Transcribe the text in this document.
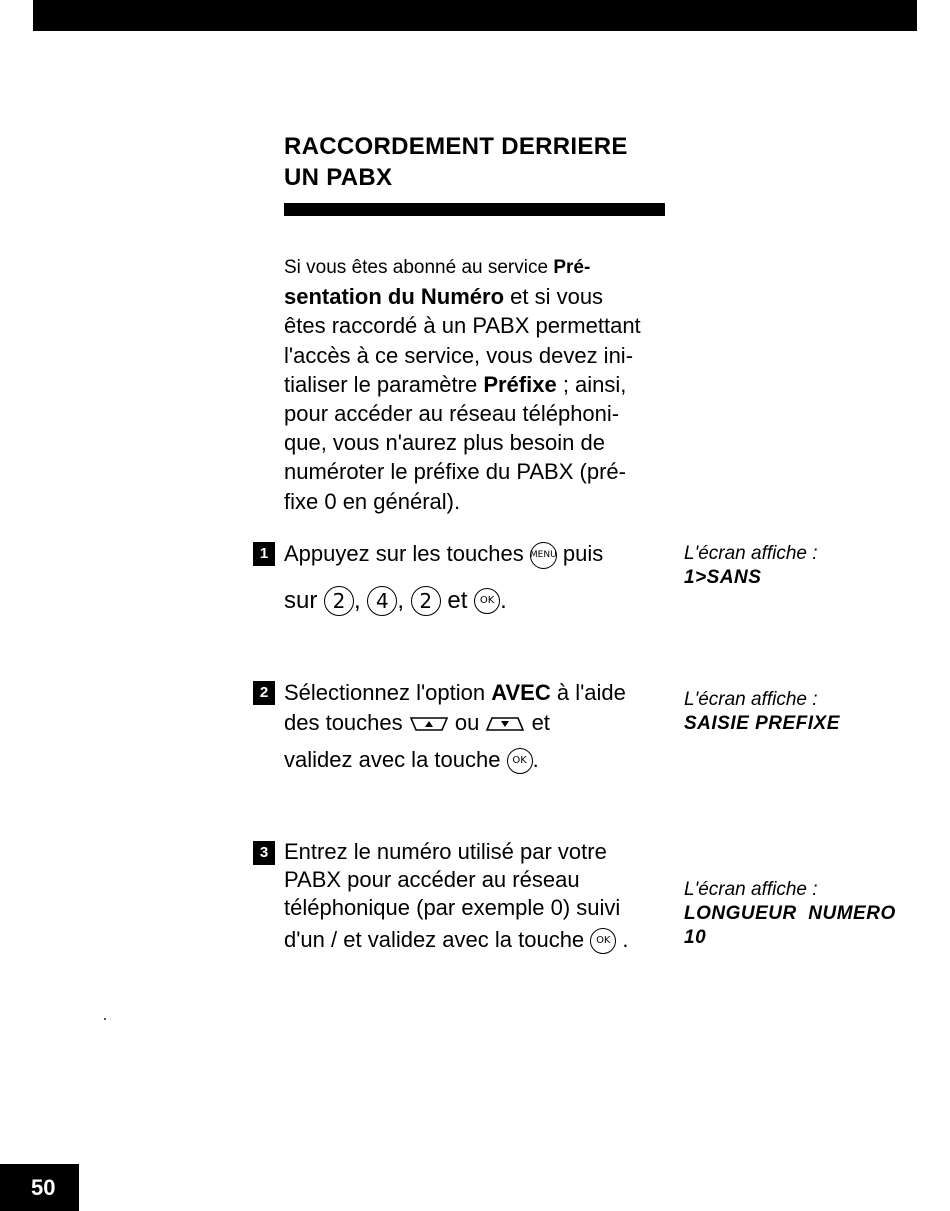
RACCORDEMENT DERRIERE
UN PABX
Si vous êtes abonné au service Pré-
sentation du Numéro et si vous
êtes raccordé à un PABX permettant
l'accès à ce service, vous devez ini-
tialiser le paramètre Préfixe ; ainsi,
pour accéder au réseau téléphoni-
que, vous n'aurez plus besoin de
numéroter le préfixe du PABX (pré-
fixe 0 en général).
1 Appuyez sur les touches MENU puis
sur 2 , 4 , 2 et OK .
L'écran affiche :
1>SANS
2 Sélectionnez l'option AVEC à l'aide
des touches  ou  et
validez avec la touche OK .
L'écran affiche :
SAISIE PREFIXE
3 Entrez le numéro utilisé par votre
PABX pour accéder au réseau
téléphonique (par exemple 0) suivi
d'un / et validez avec la touche OK .
L'écran affiche :
LONGUEUR  NUMERO
10
50
